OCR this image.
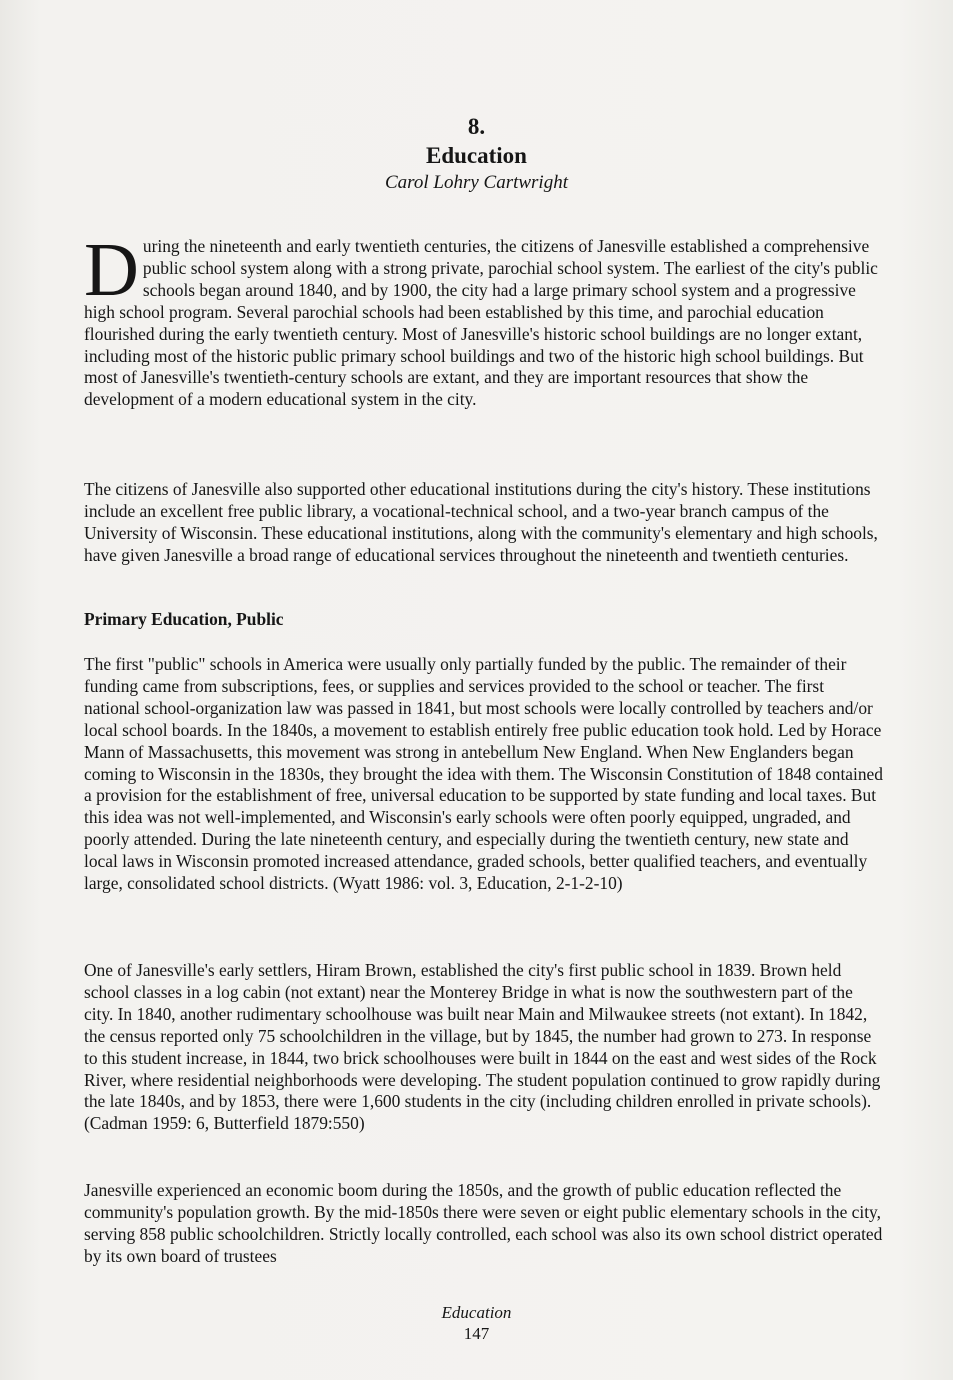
8.
Education
Carol Lohry Cartwright

During the nineteenth and early twentieth centuries, the citizens of Janesville established a comprehensive public school system along with a strong private, parochial school system. The earliest of the city's public schools began around 1840, and by 1900, the city had a large primary school system and a progressive high school program. Several parochial schools had been established by this time, and parochial education flourished during the early twentieth century. Most of Janesville's historic school buildings are no longer extant, including most of the historic public primary school buildings and two of the historic high school buildings. But most of Janesville's twentieth-century schools are extant, and they are important resources that show the development of a modern educational system in the city.

The citizens of Janesville also supported other educational institutions during the city's history. These institutions include an excellent free public library, a vocational-technical school, and a two-year branch campus of the University of Wisconsin. These educational institutions, along with the community's elementary and high schools, have given Janesville a broad range of educational services throughout the nineteenth and twentieth centuries.

Primary Education, Public

The first "public" schools in America were usually only partially funded by the public. The remainder of their funding came from subscriptions, fees, or supplies and services provided to the school or teacher. The first national school-organization law was passed in 1841, but most schools were locally controlled by teachers and/or local school boards. In the 1840s, a movement to establish entirely free public education took hold. Led by Horace Mann of Massachusetts, this movement was strong in antebellum New England. When New Englanders began coming to Wisconsin in the 1830s, they brought the idea with them. The Wisconsin Constitution of 1848 contained a provision for the establishment of free, universal education to be supported by state funding and local taxes. But this idea was not well-implemented, and Wisconsin's early schools were often poorly equipped, ungraded, and poorly attended. During the late nineteenth century, and especially during the twentieth century, new state and local laws in Wisconsin promoted increased attendance, graded schools, better qualified teachers, and eventually large, consolidated school districts. (Wyatt 1986: vol. 3, Education, 2-1-2-10)

One of Janesville's early settlers, Hiram Brown, established the city's first public school in 1839. Brown held school classes in a log cabin (not extant) near the Monterey Bridge in what is now the southwestern part of the city. In 1840, another rudimentary schoolhouse was built near Main and Milwaukee streets (not extant). In 1842, the census reported only 75 schoolchildren in the village, but by 1845, the number had grown to 273. In response to this student increase, in 1844, two brick schoolhouses were built in 1844 on the east and west sides of the Rock River, where residential neighborhoods were developing. The student population continued to grow rapidly during the late 1840s, and by 1853, there were 1,600 students in the city (including children enrolled in private schools). (Cadman 1959: 6, Butterfield 1879:550)

Janesville experienced an economic boom during the 1850s, and the growth of public education reflected the community's population growth. By the mid-1850s there were seven or eight public elementary schools in the city, serving 858 public schoolchildren. Strictly locally controlled, each school was also its own school district operated by its own board of trustees

Education
147
